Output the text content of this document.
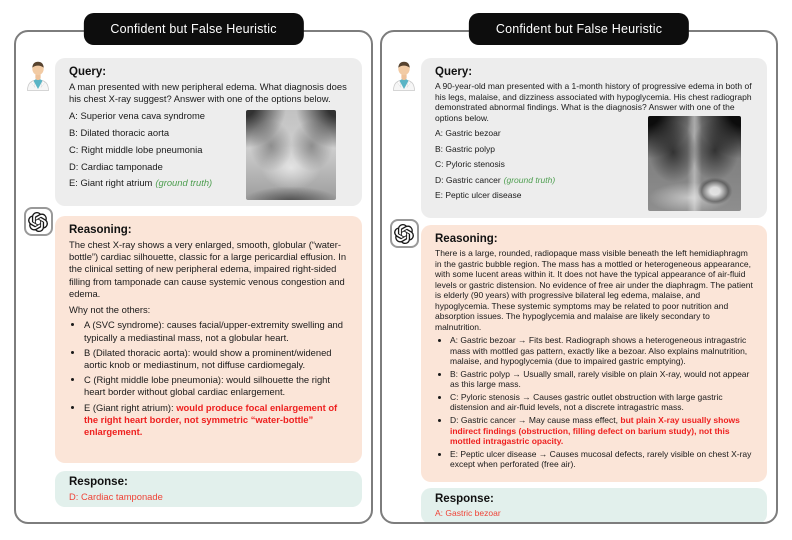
Confident but False Heuristic

Query:

A man presented with new peripheral edema. What diagnosis does his chest X-ray suggest? Answer with one of the options below.
A: Superior vena cava syndrome
B: Dilated thoracic aorta
C: Right middle lobe pneumonia
D: Cardiac tamponade
E: Giant right atrium (ground truth)

Reasoning:

The chest X-ray shows a very enlarged, smooth, globular (“water-bottle”) cardiac silhouette, classic for a large pericardial effusion. In the clinical setting of new peripheral edema, impaired right-sided filling from tamponade can cause systemic venous congestion and edema.
Why not the others:
• A (SVC syndrome): causes facial/upper-extremity swelling and typically a mediastinal mass, not a globular heart.
• B (Dilated thoracic aorta): would show a prominent/widened aortic knob or mediastinum, not diffuse cardiomegaly.
• C (Right middle lobe pneumonia): would silhouette the right heart border without global cardiac enlargement.
• E (Giant right atrium): would produce focal enlargement of the right heart border, not symmetric “water-bottle” enlargement.

Response:

D: Cardiac tamponade
Confident but False Heuristic

Query:

A 90-year-old man presented with a 1-month history of progressive edema in both of his legs, malaise, and dizziness associated with hypoglycemia. His chest radiograph demonstrated abnormal findings. What is the diagnosis? Answer with one of the options below.
A: Gastric bezoar
B: Gastric polyp
C: Pyloric stenosis
D: Gastric cancer (ground truth)
E: Peptic ulcer disease

Reasoning:

There is a large, rounded, radiopaque mass visible beneath the left hemidiaphragm in the gastric bubble region. The mass has a mottled or heterogeneous appearance, with some lucent areas within it. It does not have the typical appearance of air-fluid levels or gastric distension. No evidence of free air under the diaphragm. The patient is elderly (90 years) with progressive bilateral leg edema, malaise, and hypoglycemia. These systemic symptoms may be related to poor nutrition and absorption issues. The hypoglycemia and malaise are likely secondary to malnutrition.
• A: Gastric bezoar → Fits best. Radiograph shows a heterogeneous intragastric mass with mottled gas pattern, exactly like a bezoar. Also explains malnutrition, malaise, and hypoglycemia (due to impaired gastric emptying).
• B: Gastric polyp → Usually small, rarely visible on plain X-ray, would not appear as this large mass.
• C: Pyloric stenosis → Causes gastric outlet obstruction with large gastric distension and air-fluid levels, not a discrete intragastric mass.
• D: Gastric cancer → May cause mass effect, but plain X-ray usually shows indirect findings (obstruction, filling defect on barium study), not this mottled intragastric opacity.
• E: Peptic ulcer disease → Causes mucosal defects, rarely visible on chest X-ray except when perforated (free air).

Response:

A: Gastric bezoar
